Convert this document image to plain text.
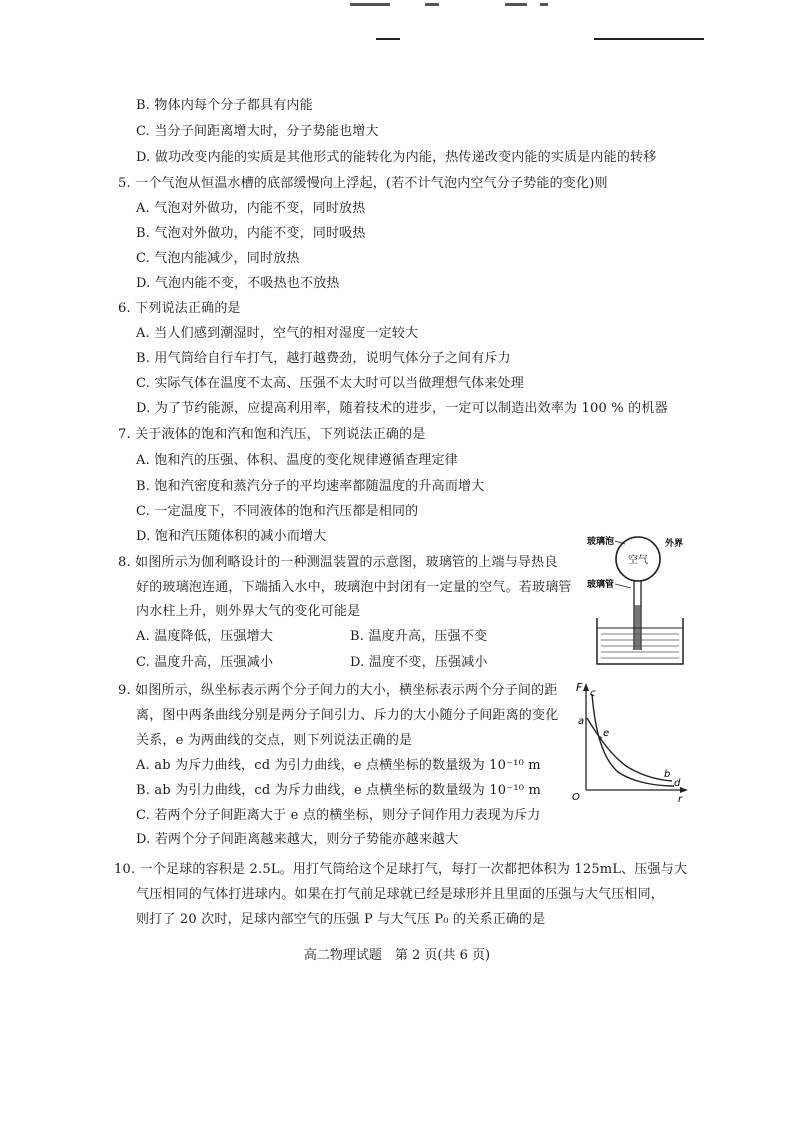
B. 物体内每个分子都具有内能
C. 当分子间距离增大时，分子势能也增大
D. 做功改变内能的实质是其他形式的能转化为内能，热传递改变内能的实质是内能的转移
5. 一个气泡从恒温水槽的底部缓慢向上浮起，(若不计气泡内空气分子势能的变化)则
A. 气泡对外做功，内能不变，同时放热
B. 气泡对外做功，内能不变，同时吸热
C. 气泡内能减少，同时放热
D. 气泡内能不变，不吸热也不放热
6. 下列说法正确的是
A. 当人们感到潮湿时，空气的相对湿度一定较大
B. 用气筒给自行车打气，越打越费劲，说明气体分子之间有斥力
C. 实际气体在温度不太高、压强不太大时可以当做理想气体来处理
D. 为了节约能源，应提高利用率，随着技术的进步，一定可以制造出效率为 100 % 的机器
7. 关于液体的饱和汽和饱和汽压，下列说法正确的是
A. 饱和汽的压强、体积、温度的变化规律遵循查理定律
B. 饱和汽密度和蒸汽分子的平均速率都随温度的升高而增大
C. 一定温度下，不同液体的饱和汽压都是相同的
D. 饱和汽压随体积的减小而增大
8. 如图所示为伽利略设计的一种测温装置的示意图，玻璃管的上端与导热良
好的玻璃泡连通，下端插入水中，玻璃泡中封闭有一定量的空气。若玻璃管
内水柱上升，则外界大气的变化可能是
A. 温度降低，压强增大	B. 温度升高，压强不变
C. 温度升高，压强减小	D. 温度不变，压强减小
空气
玻璃泡	外界
玻璃管
9. 如图所示，纵坐标表示两个分子间力的大小，横坐标表示两个分子间的距
离，图中两条曲线分别是两分子间引力、斥力的大小随分子间距离的变化
关系，e 为两曲线的交点，则下列说法正确的是
A. ab 为斥力曲线，cd 为引力曲线，e 点横坐标的数量级为 10⁻¹⁰ m
B. ab 为引力曲线，cd 为斥力曲线，e 点横坐标的数量级为 10⁻¹⁰ m
C. 若两个分子间距离大于 e 点的横坐标，则分子间作用力表现为斥力
D. 若两个分子间距离越来越大，则分子势能亦越来越大
F
r
O
c
a
e
b
d
10. 一个足球的容积是 2.5L。用打气筒给这个足球打气，每打一次都把体积为 125mL、压强与大
气压相同的气体打进球内。如果在打气前足球就已经是球形并且里面的压强与大气压相同，
则打了 20 次时，足球内部空气的压强 P 与大气压 P₀ 的关系正确的是
高二物理试题　第 2 页(共 6 页)
